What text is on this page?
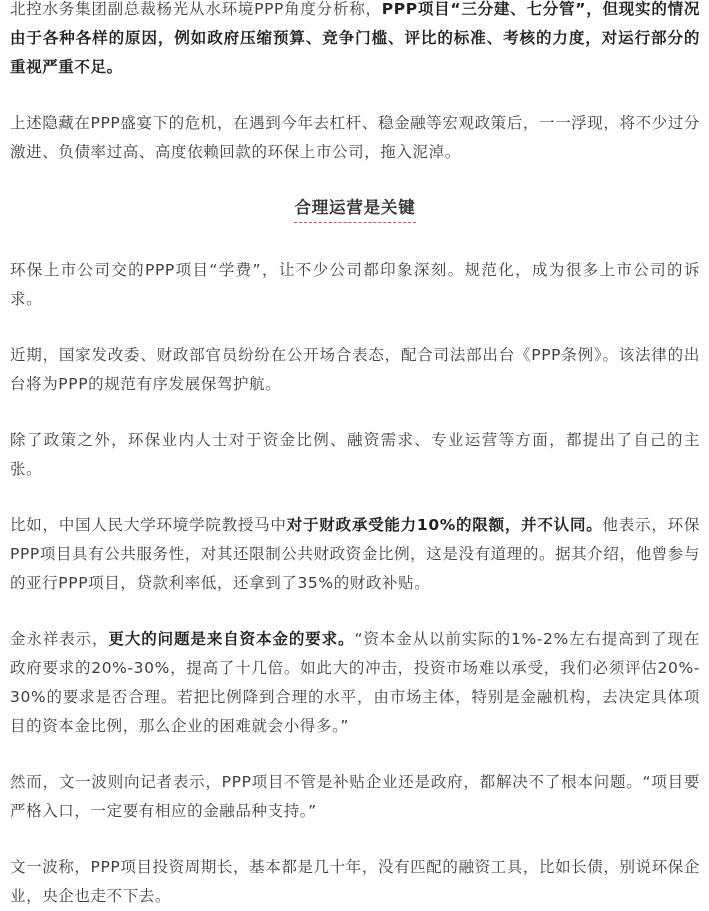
北控水务集团副总裁杨光从水环境PPP角度分析称，PPP项目“三分建、七分管”，但现实的情况由于各种各样的原因，例如政府压缩预算、竞争门槛、评比的标准、考核的力度，对运行部分的重视严重不足。

上述隐藏在PPP盛宴下的危机，在遇到今年去杠杆、稳金融等宏观政策后，一一浮现，将不少过分激进、负债率过高、高度依赖回款的环保上市公司，拖入泥淖。

合理运营是关键

环保上市公司交的PPP项目“学费”，让不少公司都印象深刻。规范化，成为很多上市公司的诉求。

近期，国家发改委、财政部官员纷纷在公开场合表态，配合司法部出台《PPP条例》。该法律的出台将为PPP的规范有序发展保驾护航。

除了政策之外，环保业内人士对于资金比例、融资需求、专业运营等方面，都提出了自己的主张。

比如，中国人民大学环境学院教授马中对于财政承受能力10%的限额，并不认同。他表示，环保PPP项目具有公共服务性，对其还限制公共财政资金比例，这是没有道理的。据其介绍，他曾参与的亚行PPP项目，贷款利率低，还拿到了35%的财政补贴。

金永祥表示，更大的问题是来自资本金的要求。“资本金从以前实际的1%-2%左右提高到了现在政府要求的20%-30%，提高了十几倍。如此大的冲击，投资市场难以承受，我们必须评估20%-30%的要求是否合理。若把比例降到合理的水平，由市场主体，特别是金融机构，去决定具体项目的资本金比例，那么企业的困难就会小得多。”

然而，文一波则向记者表示，PPP项目不管是补贴企业还是政府，都解决不了根本问题。“项目要严格入口，一定要有相应的金融品种支持。”

文一波称，PPP项目投资周期长，基本都是几十年，没有匹配的融资工具，比如长债，别说环保企业，央企也走不下去。
